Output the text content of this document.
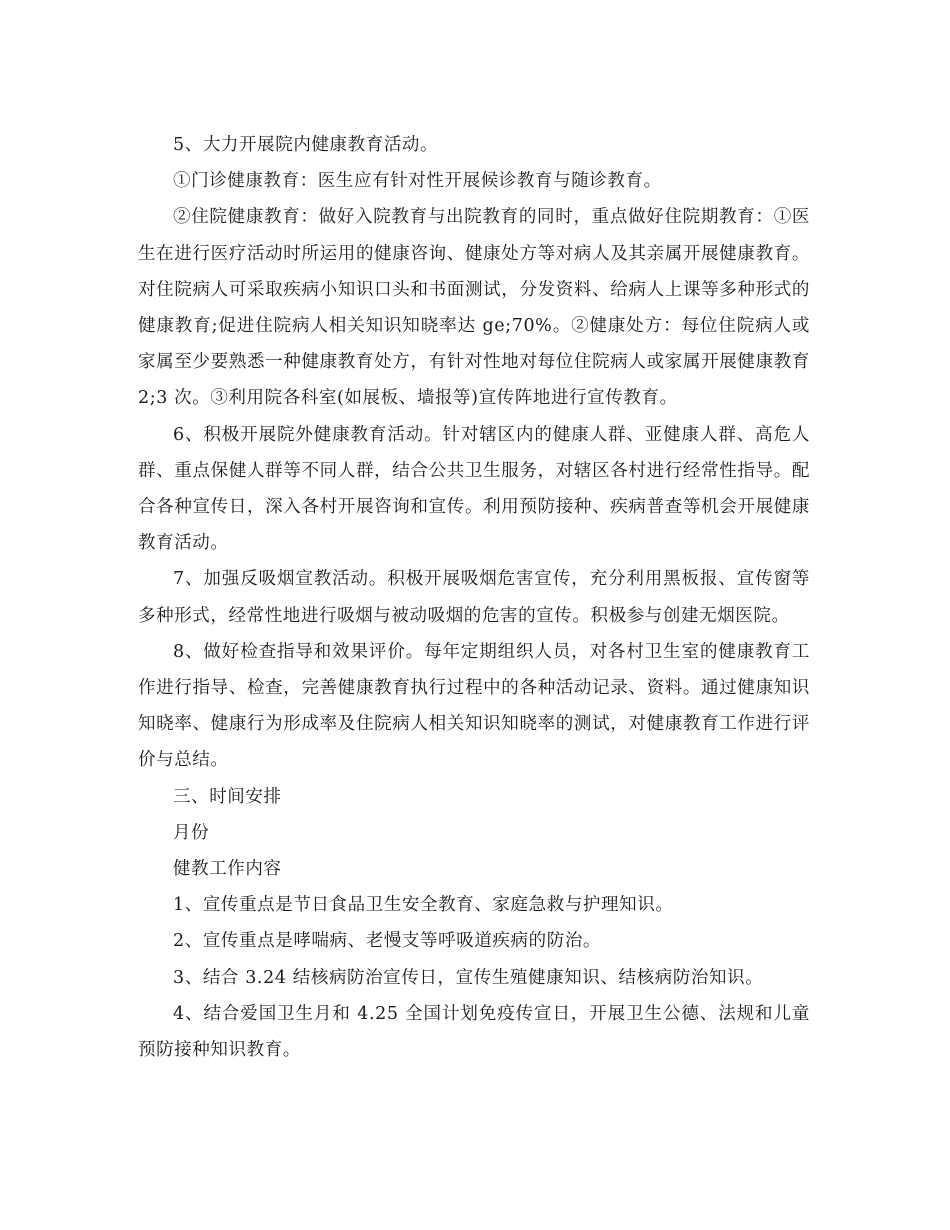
5、大力开展院内健康教育活动。

①门诊健康教育：医生应有针对性开展候诊教育与随诊教育。

②住院健康教育：做好入院教育与出院教育的同时，重点做好住院期教育：①医生在进行医疗活动时所运用的健康咨询、健康处方等对病人及其亲属开展健康教育。对住院病人可采取疾病小知识口头和书面测试，分发资料、给病人上课等多种形式的健康教育;促进住院病人相关知识知晓率达 ge;70%。②健康处方：每位住院病人或家属至少要熟悉一种健康教育处方，有针对性地对每位住院病人或家属开展健康教育 2;3 次。③利用院各科室(如展板、墙报等)宣传阵地进行宣传教育。

6、积极开展院外健康教育活动。针对辖区内的健康人群、亚健康人群、高危人群、重点保健人群等不同人群，结合公共卫生服务，对辖区各村进行经常性指导。配合各种宣传日，深入各村开展咨询和宣传。利用预防接种、疾病普查等机会开展健康教育活动。

7、加强反吸烟宣教活动。积极开展吸烟危害宣传，充分利用黑板报、宣传窗等多种形式，经常性地进行吸烟与被动吸烟的危害的宣传。积极参与创建无烟医院。

8、做好检查指导和效果评价。每年定期组织人员，对各村卫生室的健康教育工作进行指导、检查，完善健康教育执行过程中的各种活动记录、资料。通过健康知识知晓率、健康行为形成率及住院病人相关知识知晓率的测试，对健康教育工作进行评价与总结。

三、时间安排

月份

健教工作内容

1、宣传重点是节日食品卫生安全教育、家庭急救与护理知识。

2、宣传重点是哮喘病、老慢支等呼吸道疾病的防治。

3、结合 3.24 结核病防治宣传日，宣传生殖健康知识、结核病防治知识。

4、结合爱国卫生月和 4.25 全国计划免疫传宣日，开展卫生公德、法规和儿童预防接种知识教育。
